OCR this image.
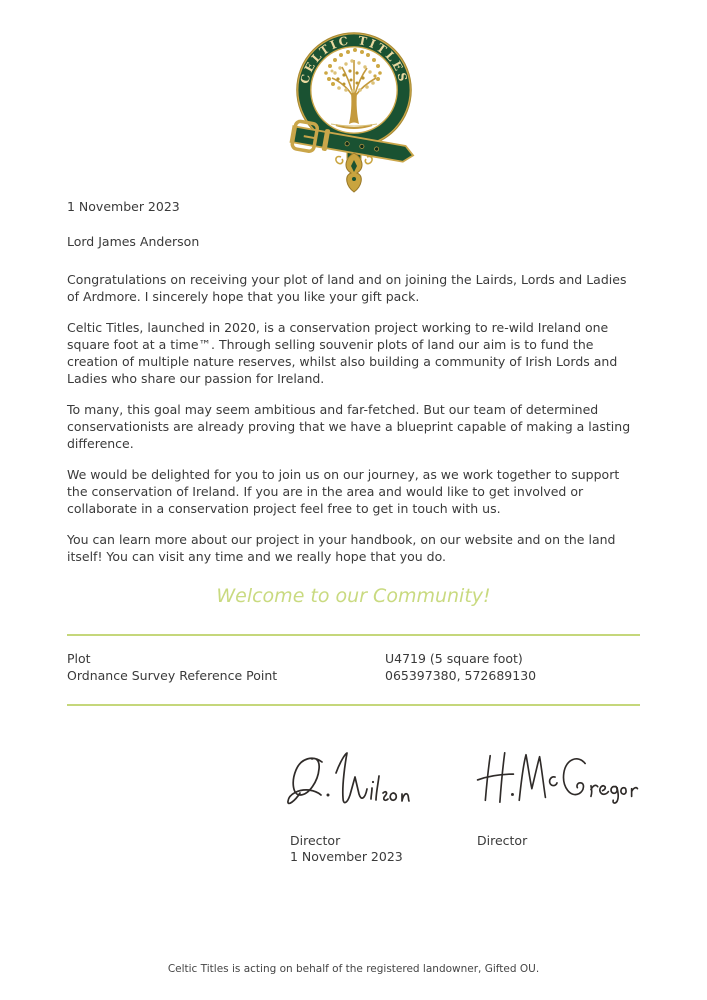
CELTIC TITLES

1 November 2023

Lord James Anderson

Congratulations on receiving your plot of land and on joining the Lairds, Lords and Ladies of Ardmore. I sincerely hope that you like your gift pack.

Celtic Titles, launched in 2020, is a conservation project working to re-wild Ireland one square foot at a time™. Through selling souvenir plots of land our aim is to fund the creation of multiple nature reserves, whilst also building a community of Irish Lords and Ladies who share our passion for Ireland.

To many, this goal may seem ambitious and far-fetched. But our team of determined conservationists are already proving that we have a blueprint capable of making a lasting difference.

We would be delighted for you to join us on our journey, as we work together to support the conservation of Ireland. If you are in the area and would like to get involved or collaborate in a conservation project feel free to get in touch with us.

You can learn more about our project in your handbook, on our website and on the land itself! You can visit any time and we really hope that you do.

Welcome to our Community!
Plot	U4719 (5 square foot)
Ordnance Survey Reference Point	065397380, 572689130
Director
1 November 2023
Director
Celtic Titles is acting on behalf of the registered landowner, Gifted OU.
